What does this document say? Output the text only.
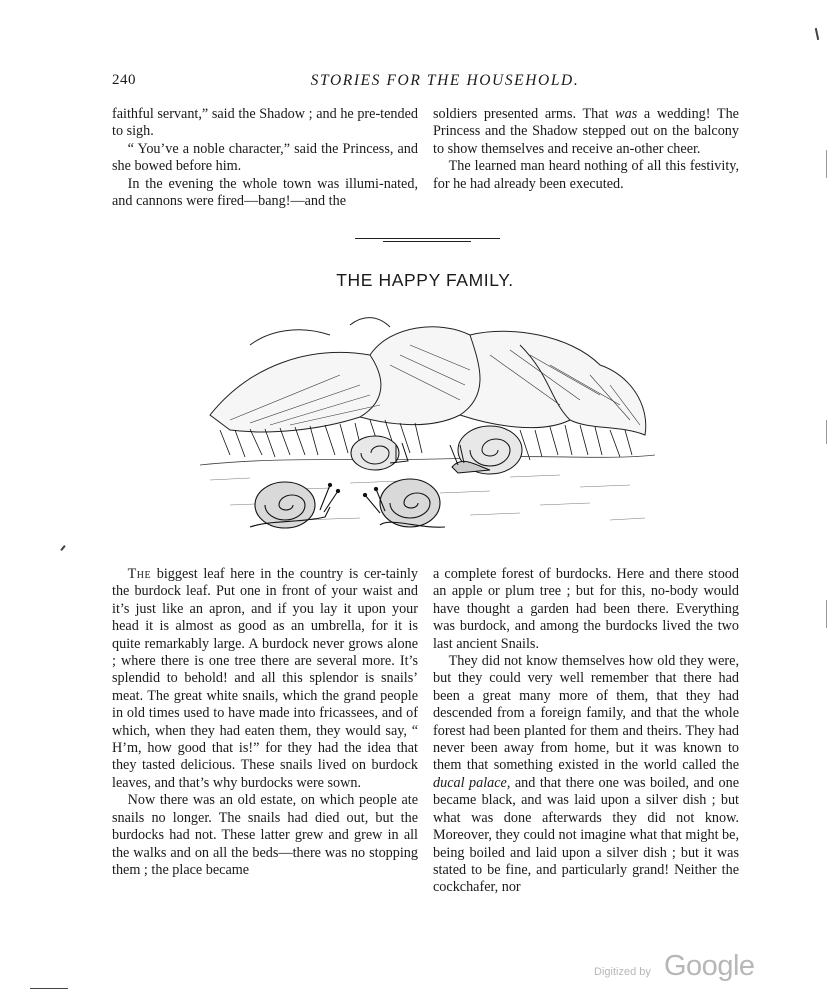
240	STORIES FOR THE HOUSEHOLD.

faithful servant,” said the Shadow ; and he pre-tended to sigh.

“ You’ve a noble character,” said the Princess, and she bowed before him.

In the evening the whole town was illumi-nated, and cannons were fired—bang!—and the

soldiers presented arms. That was a wedding! The Princess and the Shadow stepped out on the balcony to show themselves and receive an-other cheer.

The learned man heard nothing of all this festivity, for he had already been executed.

THE HAPPY FAMILY.

The biggest leaf here in the country is cer-tainly the burdock leaf. Put one in front of your waist and it’s just like an apron, and if you lay it upon your head it is almost as good as an umbrella, for it is quite remarkably large. A burdock never grows alone ; where there is one tree there are several more. It’s splendid to behold! and all this splendor is snails’ meat. The great white snails, which the grand people in old times used to have made into fricassees, and of which, when they had eaten them, they would say, “ H’m, how good that is!” for they had the idea that they tasted delicious. These snails lived on burdock leaves, and that’s why burdocks were sown.

Now there was an old estate, on which people ate snails no longer. The snails had died out, but the burdocks had not. These latter grew and grew in all the walks and on all the beds—there was no stopping them ; the place became

a complete forest of burdocks. Here and there stood an apple or plum tree ; but for this, no-body would have thought a garden had been there. Everything was burdock, and among the burdocks lived the two last ancient Snails.

They did not know themselves how old they were, but they could very well remember that there had been a great many more of them, that they had descended from a foreign family, and that the whole forest had been planted for them and theirs. They had never been away from home, but it was known to them that something existed in the world called the ducal palace, and that there one was boiled, and one became black, and was laid upon a silver dish ; but what was done afterwards they did not know. Moreover, they could not imagine what that might be, being boiled and laid upon a silver dish ; but it was stated to be fine, and particularly grand! Neither the cockchafer, nor

Digitized by Google
